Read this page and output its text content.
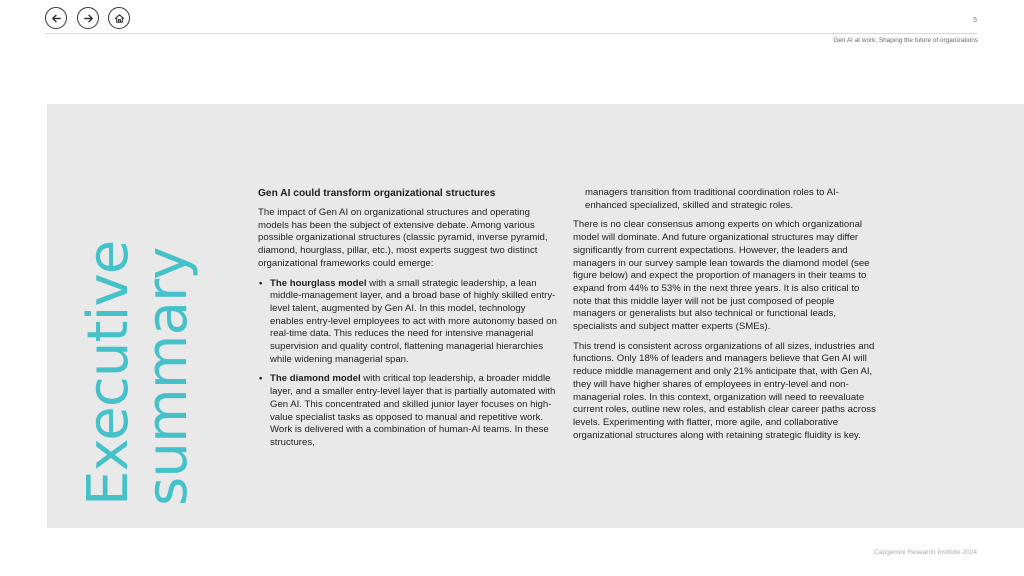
5
Gen AI at work: Shaping the future of organizations
Executive
summary
Gen AI could transform organizational structures

The impact of Gen AI on organizational structures and operating models has been the subject of extensive debate. Among various possible organizational structures (classic pyramid, inverse pyramid, diamond, hourglass, pillar, etc.), most experts suggest two distinct organizational frameworks could emerge:

• The hourglass model with a small strategic leadership, a lean middle-management layer, and a broad base of highly skilled entry-level talent, augmented by Gen AI. In this model, technology enables entry-level employees to act with more autonomy based on real-time data. This reduces the need for intensive managerial supervision and quality control, flattening managerial hierarchies while widening managerial span.
• The diamond model with critical top leadership, a broader middle layer, and a smaller entry-level layer that is partially automated with Gen AI. This concentrated and skilled junior layer focuses on high-value specialist tasks as opposed to manual and repetitive work. Work is delivered with a combination of human-AI teams. In these structures,

managers transition from traditional coordination roles to AI-enhanced specialized, skilled and strategic roles.

There is no clear consensus among experts on which organizational model will dominate. And future organizational structures may differ significantly from current expectations. However, the leaders and managers in our survey sample lean towards the diamond model (see figure below) and expect the proportion of managers in their teams to expand from 44% to 53% in the next three years. It is also critical to note that this middle layer will not be just composed of people managers or generalists but also technical or functional leads, specialists and subject matter experts (SMEs).

This trend is consistent across organizations of all sizes, industries and functions. Only 18% of leaders and managers believe that Gen AI will reduce middle management and only 21% anticipate that, with Gen AI, they will have higher shares of employees in entry-level and non-managerial roles. In this context, organization will need to reevaluate current roles, outline new roles, and establish clear career paths across levels. Experimenting with flatter, more agile, and collaborative organizational structures along with retaining strategic fluidity is key.

Capgemini Research Institute 2024
